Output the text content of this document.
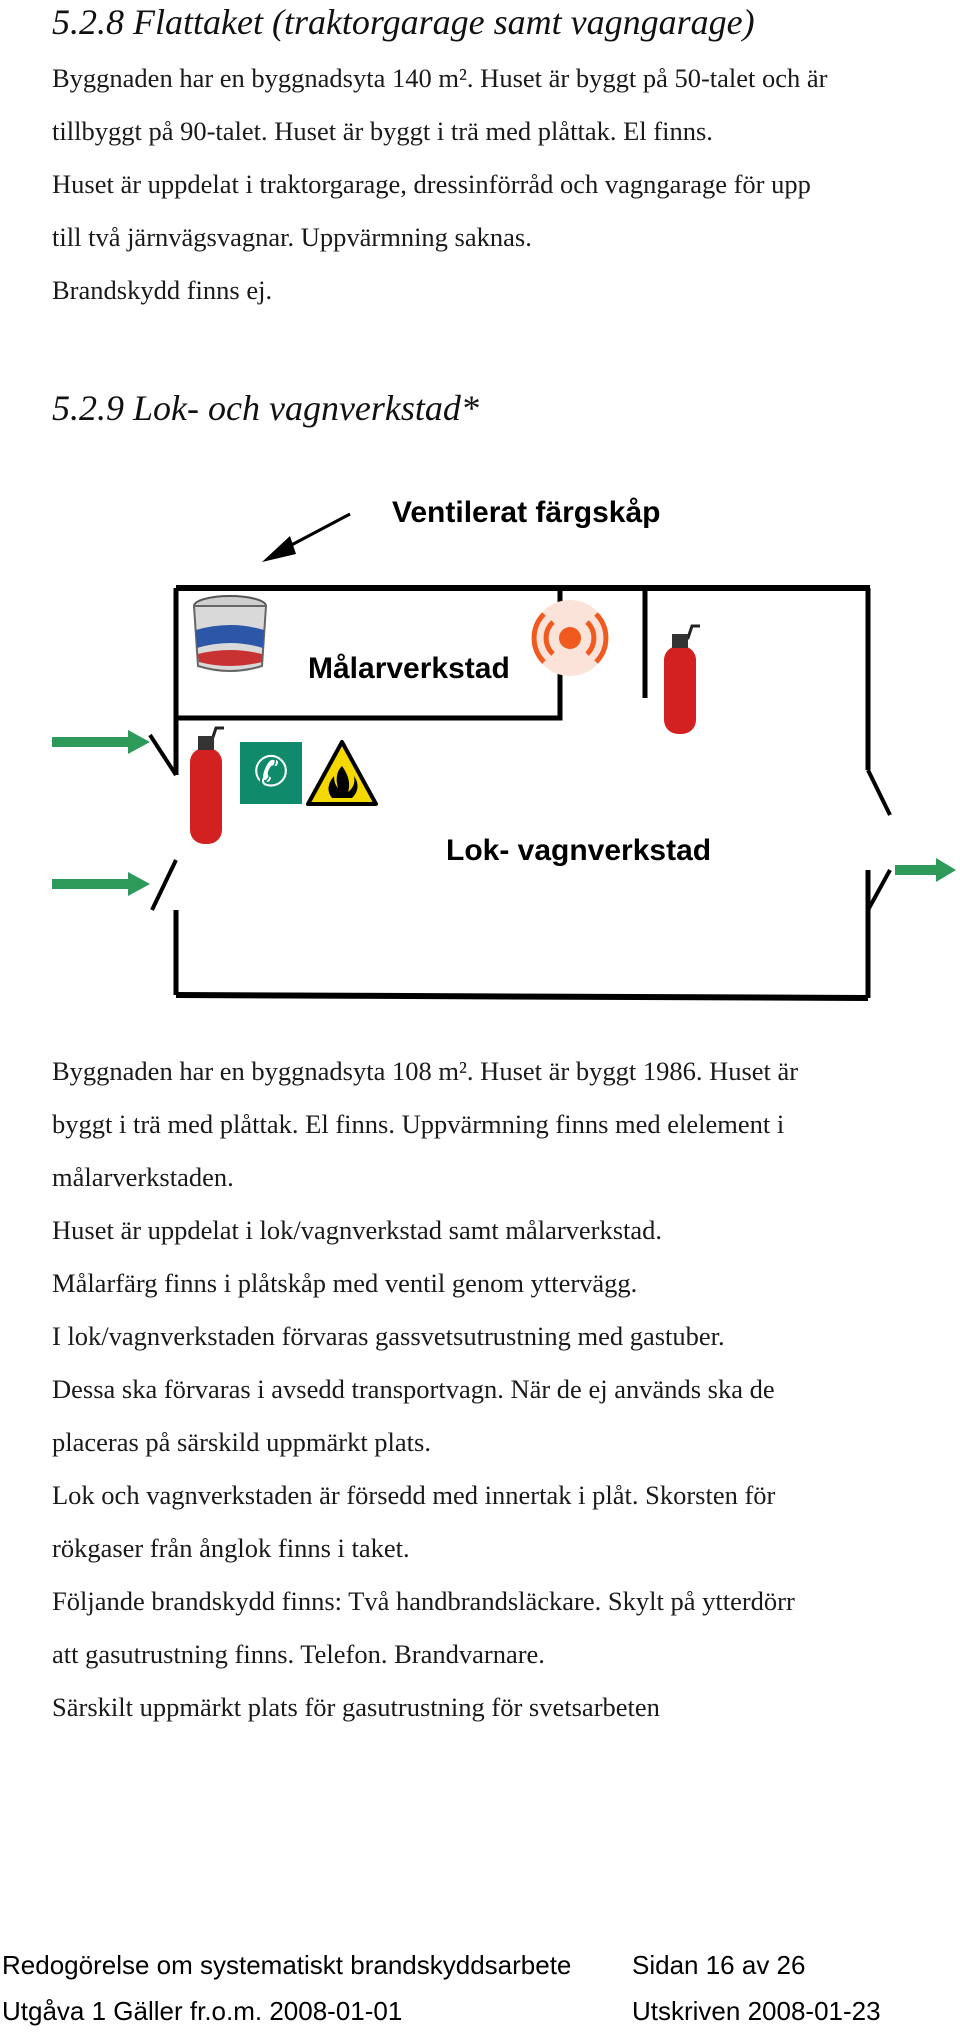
5.2.8 Flattaket (traktorgarage samt vagngarage)

Byggnaden har en byggnadsyta 140 m². Huset är byggt på 50-talet och är

tillbyggt på 90-talet. Huset är byggt i trä med plåttak. El finns.

Huset är uppdelat i traktorgarage, dressinförråd och vagngarage för upp

till två järnvägsvagnar. Uppvärmning saknas.

Brandskydd finns ej.

5.2.9 Lok- och vagnverkstad*
Ventilerat färgskåp
Målarverkstad
Lok- vagnverkstad
✆

Byggnaden har en byggnadsyta 108 m². Huset är byggt 1986. Huset är

byggt i trä med plåttak. El finns. Uppvärmning finns med elelement i

målarverkstaden.

Huset är uppdelat i lok/vagnverkstad samt målarverkstad.

Målarfärg finns i plåtskåp med ventil genom yttervägg.

I lok/vagnverkstaden förvaras gassvetsutrustning med gastuber.

Dessa ska förvaras i avsedd transportvagn. När de ej används ska de

placeras på särskild uppmärkt plats.

Lok och vagnverkstaden är försedd med innertak i plåt. Skorsten för

rökgaser från ånglok finns i taket.

Följande brandskydd finns: Två handbrandsläckare. Skylt på ytterdörr

att gasutrustning finns. Telefon. Brandvarnare.

Särskilt uppmärkt plats för gasutrustning för svetsarbeten

Redogörelse om systematiskt brandskyddsarbete Sidan 16 av 26
Utgåva 1 Gäller fr.o.m. 2008-01-01	Utskriven 2008-01-23
